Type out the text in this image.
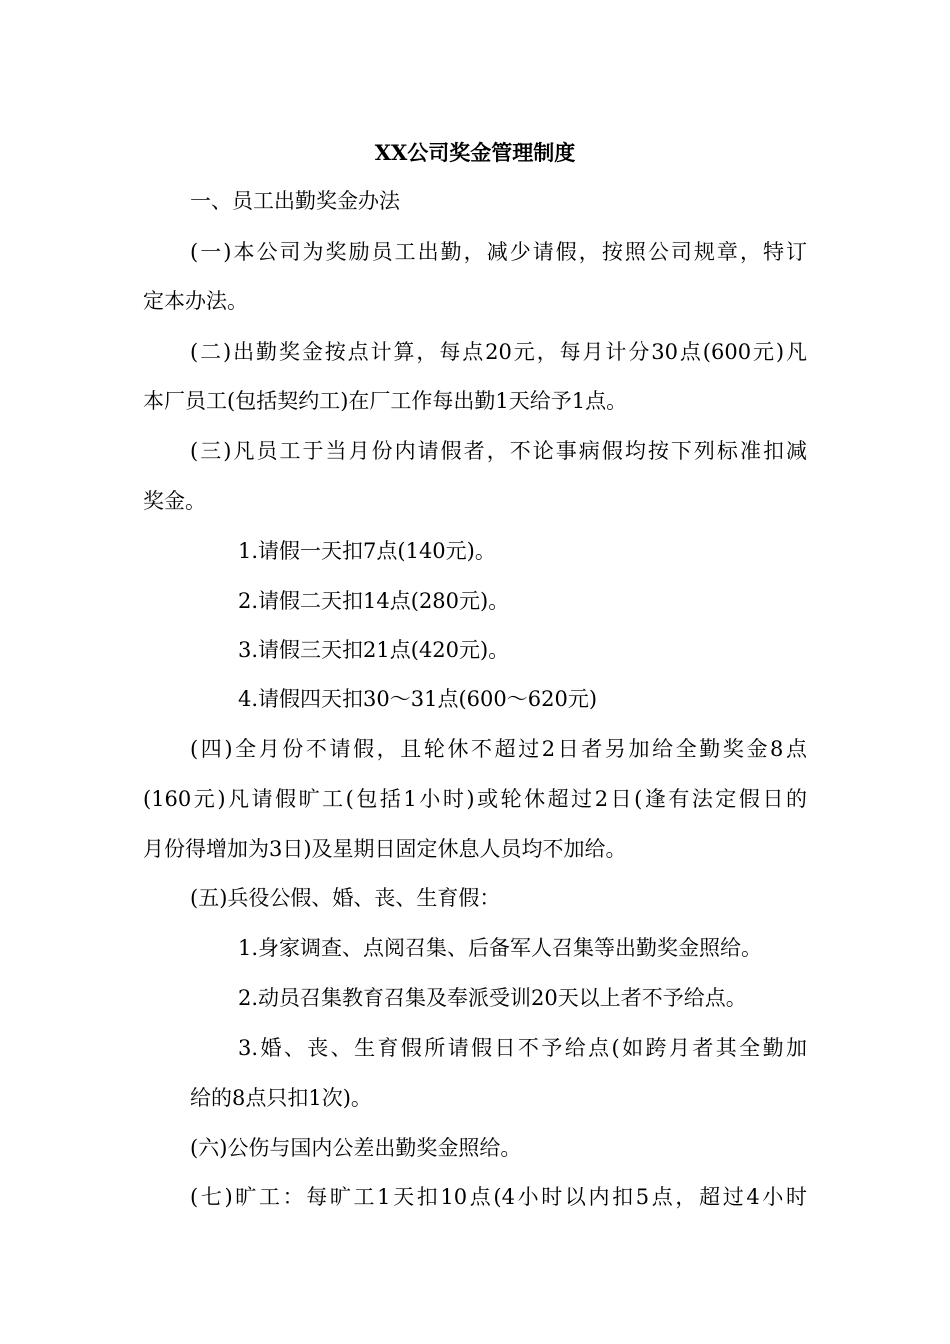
XX公司奖金管理制度
一、员工出勤奖金办法
(一)本公司为奖励员工出勤，减少请假，按照公司规章，特订
定本办法。
(二)出勤奖金按点计算，每点20元，每月计分30点(600元)凡
本厂员工(包括契约工)在厂工作每出勤1天给予1点。
(三)凡员工于当月份内请假者，不论事病假均按下列标准扣减
奖金。
1.请假一天扣7点(140元)。
2.请假二天扣14点(280元)。
3.请假三天扣21点(420元)。
4.请假四天扣30～31点(600～620元)
(四)全月份不请假，且轮休不超过2日者另加给全勤奖金8点
(160元)凡请假旷工(包括1小时)或轮休超过2日(逢有法定假日的
月份得增加为3日)及星期日固定休息人员均不加给。
(五)兵役公假、婚、丧、生育假：
1.身家调查、点阅召集、后备军人召集等出勤奖金照给。
2.动员召集教育召集及奉派受训20天以上者不予给点。
3.婚、丧、生育假所请假日不予给点(如跨月者其全勤加
给的8点只扣1次)。
(六)公伤与国内公差出勤奖金照给。
(七)旷工：每旷工1天扣10点(4小时以内扣5点，超过4小时
